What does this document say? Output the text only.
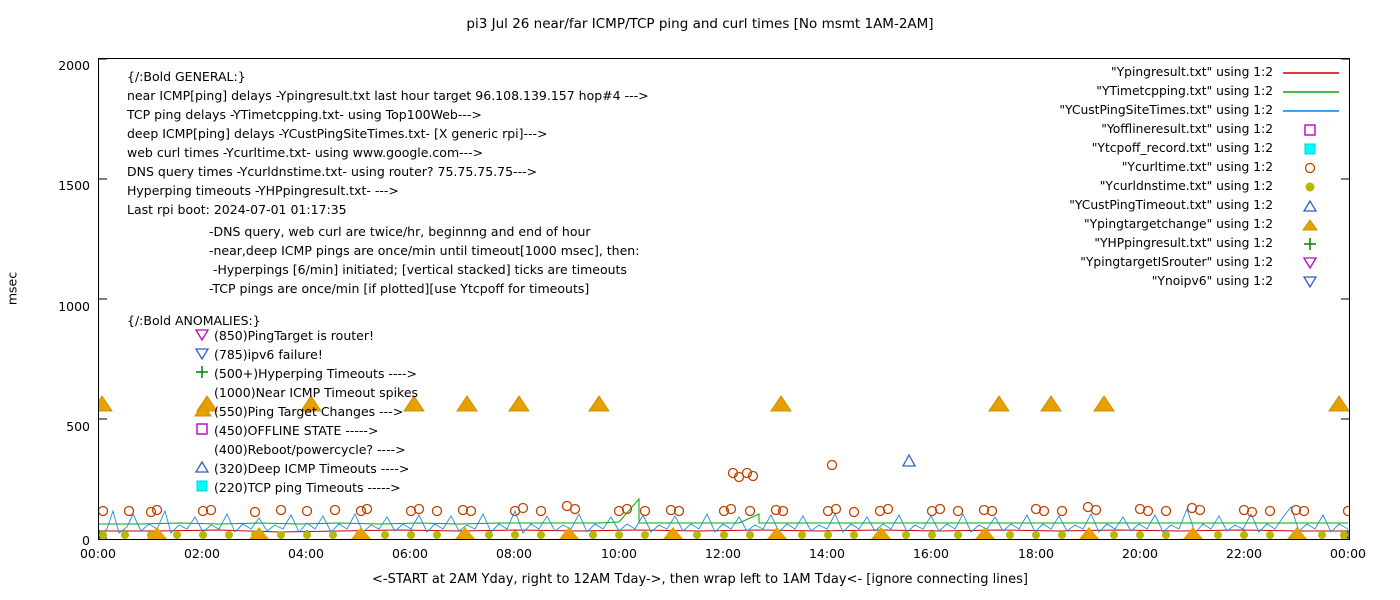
pi3 Jul 26 near/far ICMP/TCP ping and curl times [No msmt 1AM-2AM]
msec
2000
1500
1000
500
0
00:00	02:00	04:00	06:00	08:00	10:00	12:00	14:00	16:00	18:00	20:00	22:00	00:00
{/:Bold GENERAL:}
near ICMP[ping] delays -Ypingresult.txt last hour target 96.108.139.157 hop#4 --->
TCP ping delays -YTimetcpping.txt- using Top100Web--->
deep ICMP[ping] delays -YCustPingSiteTimes.txt- [X generic rpi]--->
web curl times -Ycurltime.txt- using www.google.com--->
DNS query times -Ycurldnstime.txt- using router? 75.75.75.75--->
Hyperping timeouts -YHPpingresult.txt- --->
Last rpi boot: 2024-07-01 01:17:35
-DNS query, web curl are twice/hr, beginnng and end of hour
-near,deep ICMP pings are once/min until timeout[1000 msec], then:
-Hyperpings [6/min] initiated; [vertical stacked] ticks are timeouts
-TCP pings are once/min [if plotted][use Ytcpoff for timeouts]
{/:Bold ANOMALIES:}
(850)PingTarget is router!
(785)ipv6 failure!
(500+)Hyperping Timeouts ---->
(1000)Near ICMP Timeout spikes
(550)Ping Target Changes --->
(450)OFFLINE STATE ----->
(400)Reboot/powercycle? ---->
(320)Deep ICMP Timeouts ---->
(220)TCP ping Timeouts ----->
"Ypingresult.txt" using 1:2
"YTimetcpping.txt" using 1:2
"YCustPingSiteTimes.txt" using 1:2
"Yofflineresult.txt" using 1:2
"Ytcpoff_record.txt" using 1:2
"Ycurltime.txt" using 1:2
"Ycurldnstime.txt" using 1:2
"YCustPingTimeout.txt" using 1:2
"Ypingtargetchange" using 1:2
"YHPpingresult.txt" using 1:2
"YpingtargetISrouter" using 1:2
"Ynoipv6" using 1:2
<-START at 2AM Yday, right to 12AM Tday->, then wrap left to 1AM Tday<- [ignore connecting lines]
